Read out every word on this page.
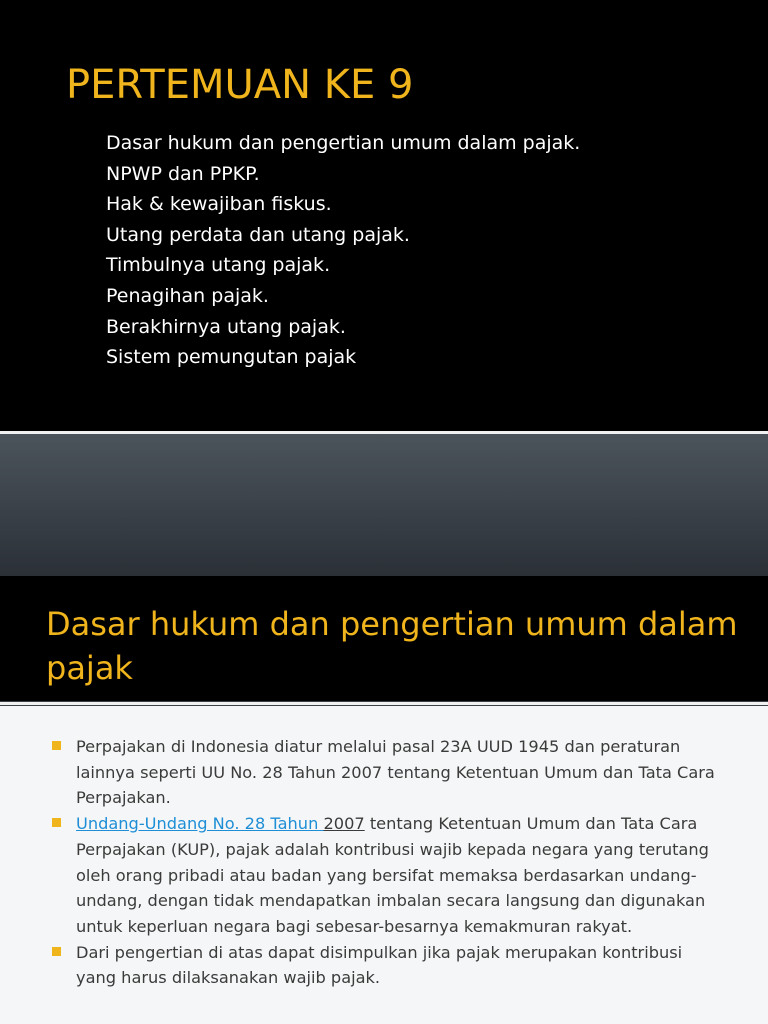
PERTEMUAN KE 9
Dasar hukum dan pengertian umum dalam pajak.
NPWP dan PPKP.
Hak & kewajiban fiskus.
Utang perdata dan utang pajak.
Timbulnya utang pajak.
Penagihan pajak.
Berakhirnya utang pajak.
Sistem pemungutan pajak
Dasar hukum dan pengertian umum dalam pajak
Perpajakan di Indonesia diatur melalui pasal 23A UUD 1945 dan peraturan lainnya seperti UU No. 28 Tahun 2007 tentang Ketentuan Umum dan Tata Cara Perpajakan.
Undang-Undang No. 28 Tahun 2007 tentang Ketentuan Umum dan Tata Cara Perpajakan (KUP), pajak adalah kontribusi wajib kepada negara yang terutang oleh orang pribadi atau badan yang bersifat memaksa berdasarkan undang-undang, dengan tidak mendapatkan imbalan secara langsung dan digunakan untuk keperluan negara bagi sebesar-besarnya kemakmuran rakyat.
Dari pengertian di atas dapat disimpulkan jika pajak merupakan kontribusi yang harus dilaksanakan wajib pajak.
